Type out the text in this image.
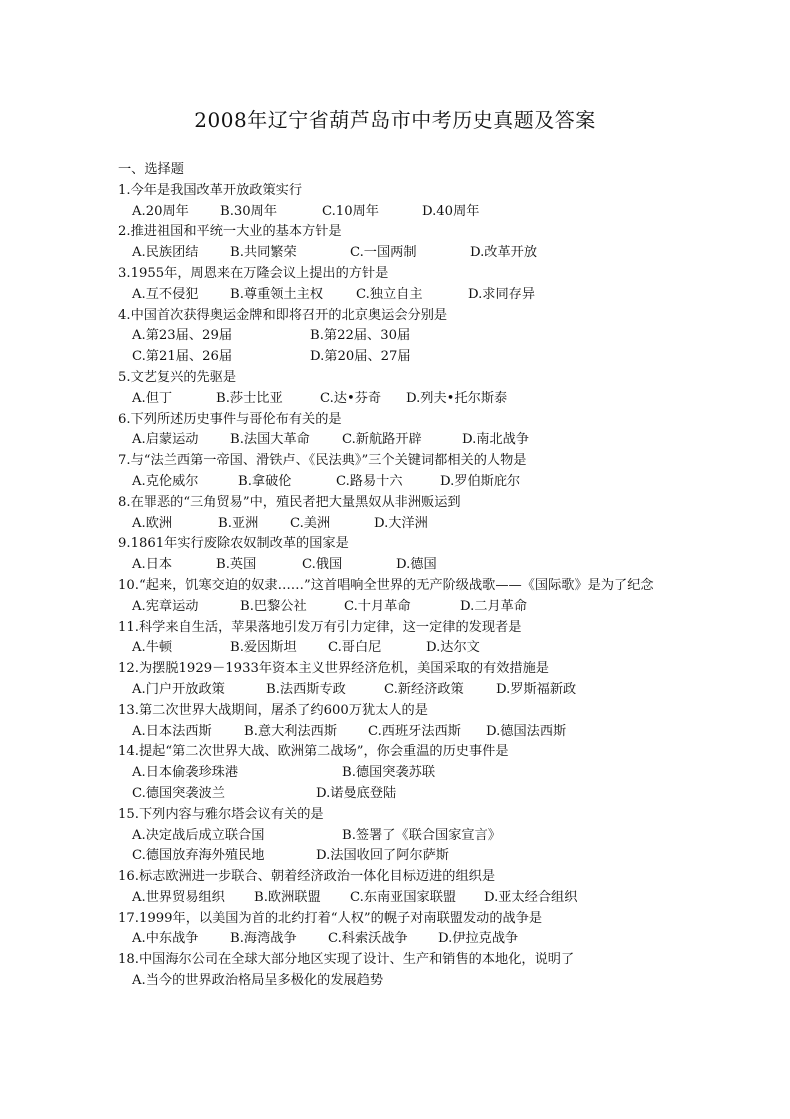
2008年辽宁省葫芦岛市中考历史真题及答案
一、选择题
1.今年是我国改革开放政策实行
A.20周年 B.30周年	C.10周年	D.40周年
2.推进祖国和平统一大业的基本方针是
A.民族团结 B.共同繁荣	C.一国两制	D.改革开放
3.1955年，周恩来在万隆会议上提出的方针是
A.互不侵犯 B.尊重领土主权 C.独立自主	D.求同存异
4.中国首次获得奥运金牌和即将召开的北京奥运会分别是
A.第23届、29届	B.第22届、30届
C.第21届、26届	D.第20届、27届
5.文艺复兴的先驱是
A.但丁	B.莎士比亚	C.达•芬奇 D.列夫•托尔斯泰
6.下列所述历史事件与哥伦布有关的是
A.启蒙运动 B.法国大革命 C.新航路开辟	D.南北战争
7.与“法兰西第一帝国、滑铁卢、《民法典》”三个关键词都相关的人物是
A.克伦威尔	B.拿破伦	C.路易十六	D.罗伯斯庇尔
8.在罪恶的“三角贸易”中，殖民者把大量黑奴从非洲贩运到
A.欧洲	B.亚洲 C.美洲	D.大洋洲
9.1861年实行废除农奴制改革的国家是
A.日本	B.英国	C.俄国	D.德国
10.“起来，饥寒交迫的奴隶……”这首唱响全世界的无产阶级战歌——《国际歌》是为了纪念
A.宪章运动	B.巴黎公社	C.十月革命	D.二月革命
11.科学来自生活，苹果落地引发万有引力定律，这一定律的发现者是
A.牛顿	B.爱因斯坦 C.哥白尼	D.达尔文
12.为摆脱1929－1933年资本主义世界经济危机，美国采取的有效措施是
A.门户开放政策	B.法西斯专政	C.新经济政策 D.罗斯福新政
13.第二次世界大战期间，屠杀了约600万犹太人的是
A.日本法西斯 B.意大利法西斯 C.西班牙法西斯 D.德国法西斯
14.提起“第二次世界大战、欧洲第二战场”，你会重温的历史事件是
A.日本偷袭珍珠港	B.德国突袭苏联
C.德国突袭波兰	D.诺曼底登陆
15.下列内容与雅尔塔会议有关的是
A.决定战后成立联合国	B.签署了《联合国家宣言》
C.德国放弃海外殖民地	D.法国收回了阿尔萨斯
16.标志欧洲进一步联合、朝着经济政治一体化目标迈进的组织是
A.世界贸易组织 B.欧洲联盟 C.东南亚国家联盟 D.亚太经合组织
17.1999年，以美国为首的北约打着“人权”的幌子对南联盟发动的战争是
A.中东战争 B.海湾战争 C.科索沃战争 D.伊拉克战争
18.中国海尔公司在全球大部分地区实现了设计、生产和销售的本地化，说明了
A.当今的世界政治格局呈多极化的发展趋势
